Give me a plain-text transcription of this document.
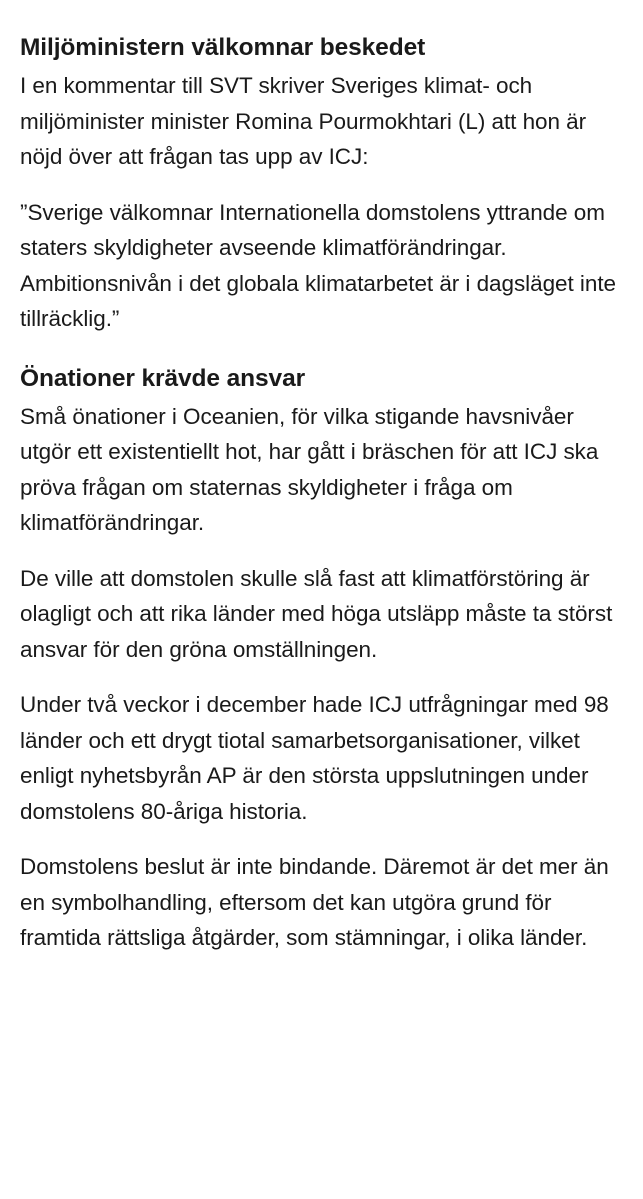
Miljöministern välkomnar beskedet

I en kommentar till SVT skriver Sveriges klimat- och miljöminister minister Romina Pourmokhtari (L) att hon är nöjd över att frågan tas upp av ICJ:

”Sverige välkomnar Internationella domstolens yttrande om staters skyldigheter avseende klimatförändringar. Ambitionsnivån i det globala klimatarbetet är i dagsläget inte tillräcklig.”

Önationer krävde ansvar

Små önationer i Oceanien, för vilka stigande havsnivåer utgör ett existentiellt hot, har gått i bräschen för att ICJ ska pröva frågan om staternas skyldigheter i fråga om klimatförändringar.

De ville att domstolen skulle slå fast att klimatförstöring är olagligt och att rika länder med höga utsläpp måste ta störst ansvar för den gröna omställningen.

Under två veckor i december hade ICJ utfrågningar med 98 länder och ett drygt tiotal samarbetsorganisationer, vilket enligt nyhetsbyrån AP är den största uppslutningen under domstolens 80-åriga historia.

Domstolens beslut är inte bindande. Däremot är det mer än en symbolhandling, eftersom det kan utgöra grund för framtida rättsliga åtgärder, som stämningar, i olika länder.
